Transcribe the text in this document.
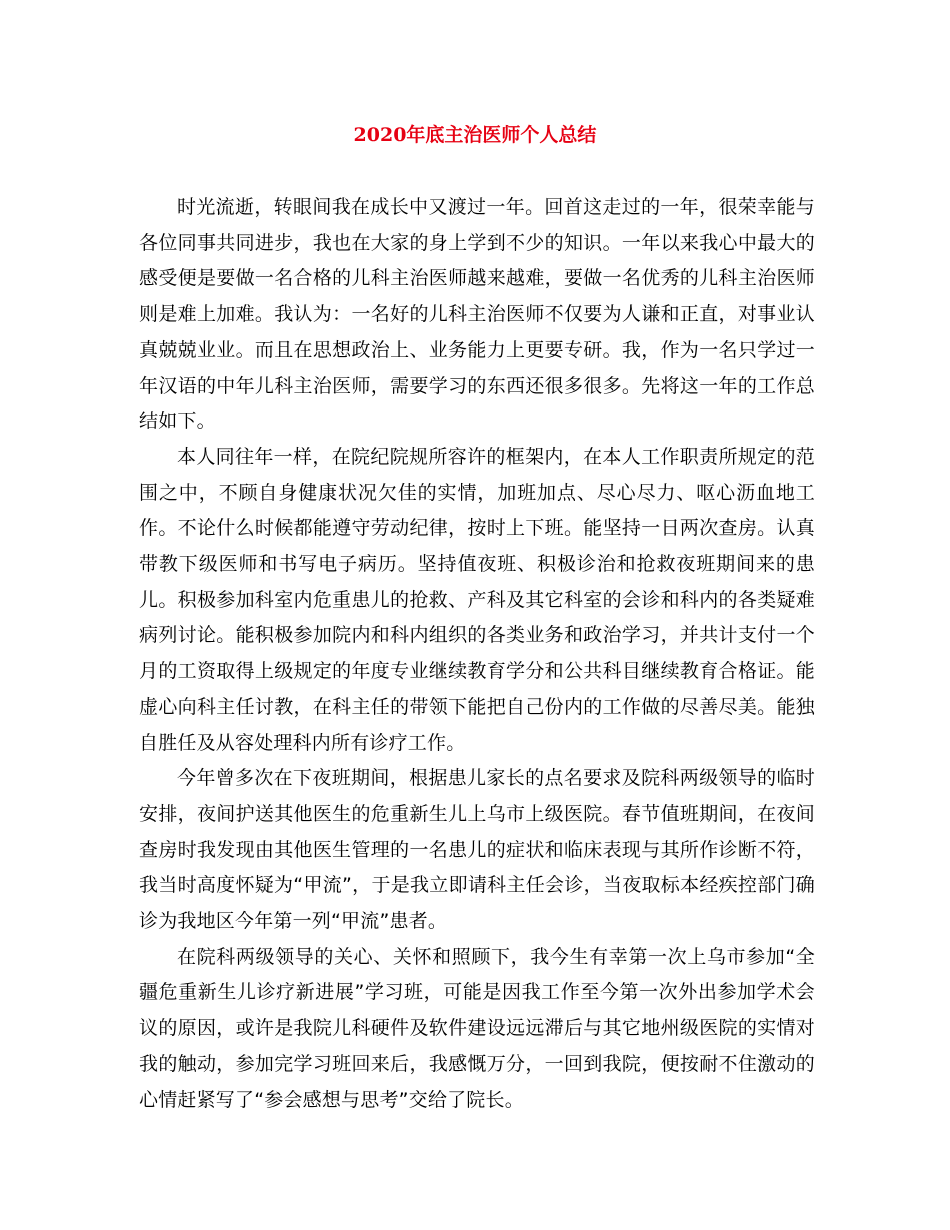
2020年底主治医师个人总结

时光流逝，转眼间我在成长中又渡过一年。回首这走过的一年，很荣幸能与各位同事共同进步，我也在大家的身上学到不少的知识。一年以来我心中最大的感受便是要做一名合格的儿科主治医师越来越难，要做一名优秀的儿科主治医师则是难上加难。我认为：一名好的儿科主治医师不仅要为人谦和正直，对事业认真兢兢业业。而且在思想政治上、业务能力上更要专研。我，作为一名只学过一年汉语的中年儿科主治医师，需要学习的东西还很多很多。先将这一年的工作总结如下。

本人同往年一样，在院纪院规所容许的框架内，在本人工作职责所规定的范围之中，不顾自身健康状况欠佳的实情，加班加点、尽心尽力、呕心沥血地工作。不论什么时候都能遵守劳动纪律，按时上下班。能坚持一日两次查房。认真带教下级医师和书写电子病历。坚持值夜班、积极诊治和抢救夜班期间来的患儿。积极参加科室内危重患儿的抢救、产科及其它科室的会诊和科内的各类疑难病列讨论。能积极参加院内和科内组织的各类业务和政治学习，并共计支付一个月的工资取得上级规定的年度专业继续教育学分和公共科目继续教育合格证。能虚心向科主任讨教，在科主任的带领下能把自己份内的工作做的尽善尽美。能独自胜任及从容处理科内所有诊疗工作。

今年曾多次在下夜班期间，根据患儿家长的点名要求及院科两级领导的临时安排，夜间护送其他医生的危重新生儿上乌市上级医院。春节值班期间，在夜间查房时我发现由其他医生管理的一名患儿的症状和临床表现与其所作诊断不符，我当时高度怀疑为“甲流”，于是我立即请科主任会诊，当夜取标本经疾控部门确诊为我地区今年第一列“甲流”患者。

在院科两级领导的关心、关怀和照顾下，我今生有幸第一次上乌市参加“全疆危重新生儿诊疗新进展”学习班，可能是因我工作至今第一次外出参加学术会议的原因，或许是我院儿科硬件及软件建设远远滞后与其它地州级医院的实情对我的触动，参加完学习班回来后，我感慨万分，一回到我院，便按耐不住激动的心情赶紧写了“参会感想与思考”交给了院长。
